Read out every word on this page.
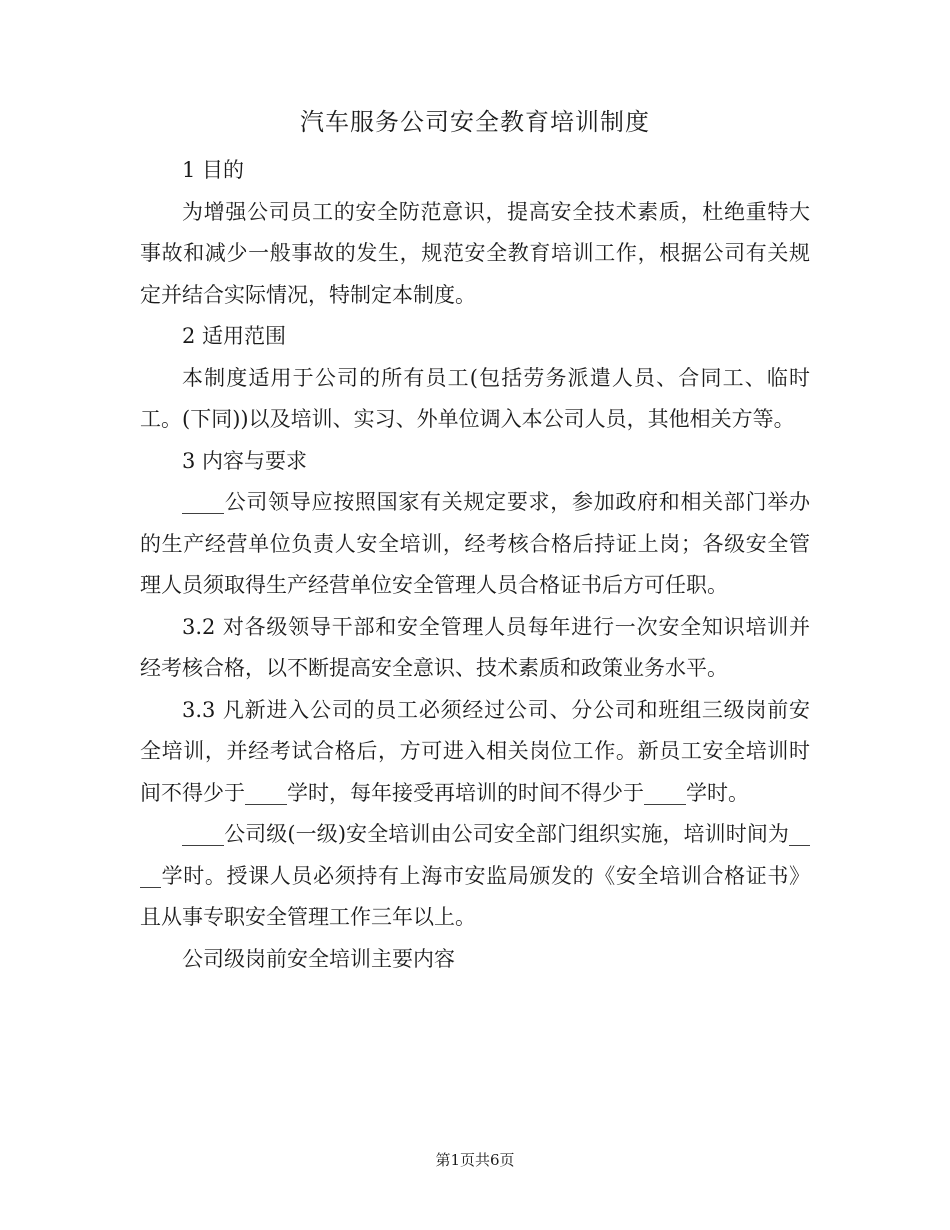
汽车服务公司安全教育培训制度

1 目的

为增强公司员工的安全防范意识，提高安全技术素质，杜绝重特大事故和减少一般事故的发生，规范安全教育培训工作，根据公司有关规定并结合实际情况，特制定本制度。

2 适用范围

本制度适用于公司的所有员工(包括劳务派遣人员、合同工、临时工。(下同))以及培训、实习、外单位调入本公司人员，其他相关方等。

3 内容与要求

____公司领导应按照国家有关规定要求，参加政府和相关部门举办的生产经营单位负责人安全培训，经考核合格后持证上岗；各级安全管理人员须取得生产经营单位安全管理人员合格证书后方可任职。

3.2 对各级领导干部和安全管理人员每年进行一次安全知识培训并经考核合格，以不断提高安全意识、技术素质和政策业务水平。

3.3 凡新进入公司的员工必须经过公司、分公司和班组三级岗前安全培训，并经考试合格后，方可进入相关岗位工作。新员工安全培训时间不得少于____学时，每年接受再培训的时间不得少于____学时。

____公司级(一级)安全培训由公司安全部门组织实施，培训时间为____学时。授课人员必须持有上海市安监局颁发的《安全培训合格证书》且从事专职安全管理工作三年以上。

公司级岗前安全培训主要内容

第1页共6页
